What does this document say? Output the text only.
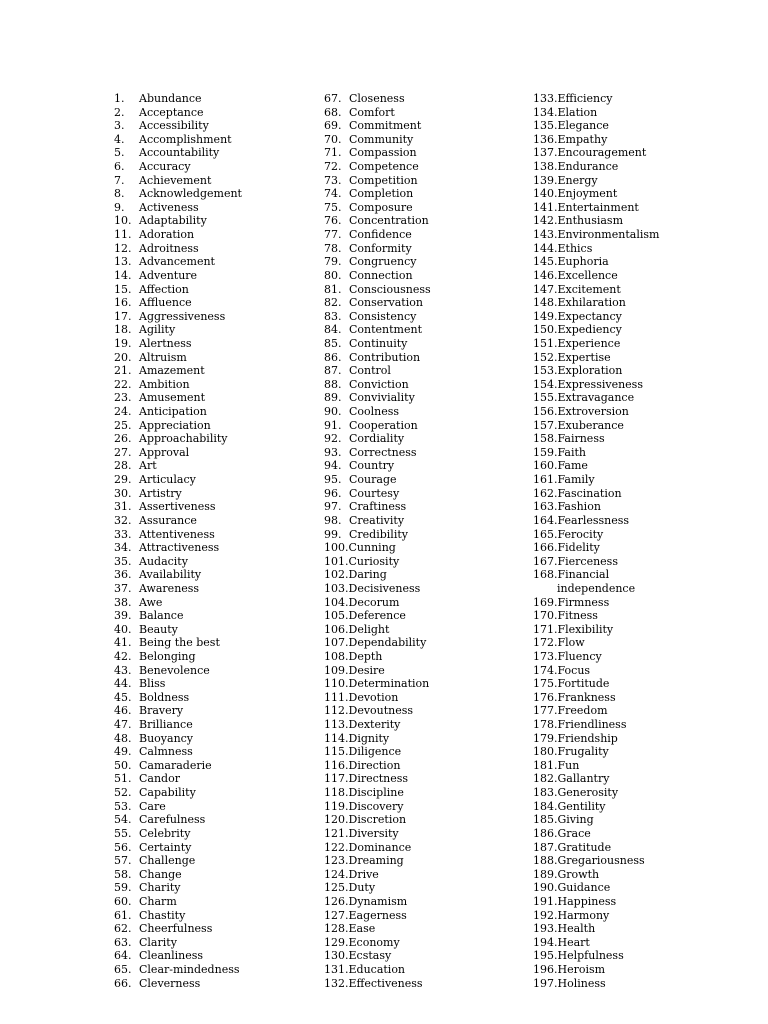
1.	Abundance
2.	Acceptance
3.	Accessibility
4.	Accomplishment
5.	Accountability
6.	Accuracy
7.	Achievement
8.	Acknowledgement
9.	Activeness
10. Adaptability
11. Adoration
12. Adroitness
13. Advancement
14. Adventure
15. Affection
16. Affluence
17. Aggressiveness
18. Agility
19. Alertness
20. Altruism
21. Amazement
22. Ambition
23. Amusement
24. Anticipation
25. Appreciation
26. Approachability
27. Approval
28. Art
29. Articulacy
30. Artistry
31. Assertiveness
32. Assurance
33. Attentiveness
34. Attractiveness
35. Audacity
36. Availability
37. Awareness
38. Awe
39. Balance
40. Beauty
41. Being the best
42. Belonging
43. Benevolence
44. Bliss
45. Boldness
46. Bravery
47. Brilliance
48. Buoyancy
49. Calmness
50. Camaraderie
51. Candor
52. Capability
53. Care
54. Carefulness
55. Celebrity
56. Certainty
57. Challenge
58. Change
59. Charity
60. Charm
61. Chastity
62. Cheerfulness
63. Clarity
64. Cleanliness
65. Clear-mindedness
66. Cleverness
67. Closeness
68. Comfort
69. Commitment
70. Community
71. Compassion
72. Competence
73. Competition
74. Completion
75. Composure
76. Concentration
77. Confidence
78. Conformity
79. Congruency
80. Connection
81. Consciousness
82. Conservation
83. Consistency
84. Contentment
85. Continuity
86. Contribution
87. Control
88. Conviction
89. Conviviality
90. Coolness
91. Cooperation
92. Cordiality
93. Correctness
94. Country
95. Courage
96. Courtesy
97. Craftiness
98. Creativity
99. Credibility
100. Cunning
101. Curiosity
102. Daring
103. Decisiveness
104. Decorum
105. Deference
106. Delight
107. Dependability
108. Depth
109. Desire
110. Determination
111. Devotion
112. Devoutness
113. Dexterity
114. Dignity
115. Diligence
116. Direction
117. Directness
118. Discipline
119. Discovery
120. Discretion
121. Diversity
122. Dominance
123. Dreaming
124. Drive
125. Duty
126. Dynamism
127. Eagerness
128. Ease
129. Economy
130. Ecstasy
131. Education
132. Effectiveness
133. Efficiency
134. Elation
135. Elegance
136. Empathy
137. Encouragement
138. Endurance
139. Energy
140. Enjoyment
141. Entertainment
142. Enthusiasm
143. Environmentalism
144. Ethics
145. Euphoria
146. Excellence
147. Excitement
148. Exhilaration
149. Expectancy
150. Expediency
151. Experience
152. Expertise
153. Exploration
154. Expressiveness
155. Extravagance
156. Extroversion
157. Exuberance
158. Fairness
159. Faith
160. Fame
161. Family
162. Fascination
163. Fashion
164. Fearlessness
165. Ferocity
166. Fidelity
167. Fierceness
168. Financial
independence
169. Firmness
170. Fitness
171. Flexibility
172. Flow
173. Fluency
174. Focus
175. Fortitude
176. Frankness
177. Freedom
178. Friendliness
179. Friendship
180. Frugality
181. Fun
182. Gallantry
183. Generosity
184. Gentility
185. Giving
186. Grace
187. Gratitude
188. Gregariousness
189. Growth
190. Guidance
191. Happiness
192. Harmony
193. Health
194. Heart
195. Helpfulness
196. Heroism
197. Holiness
